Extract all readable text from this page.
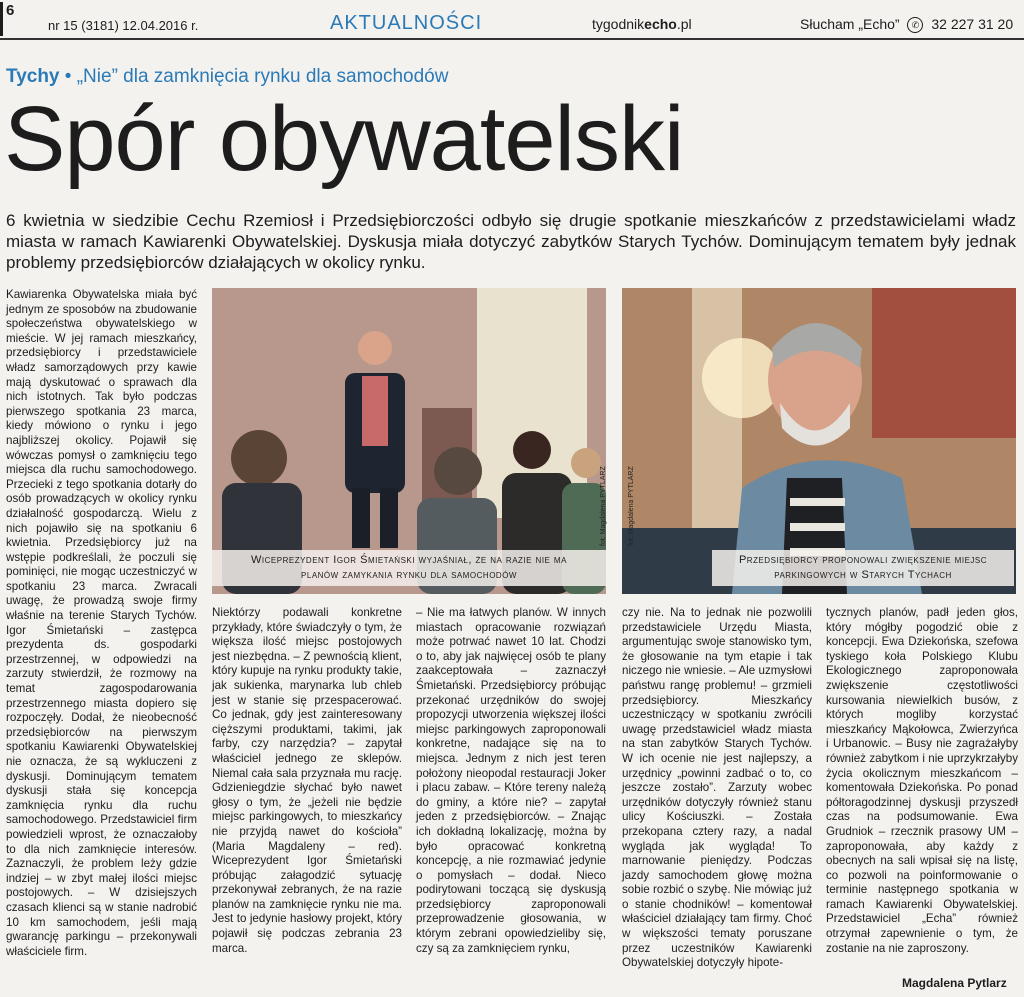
6
nr 15 (3181) 12.04.2016 r.	AKTUALNOŚCI	tygodnikecho.pl	Słucham „Echo” ✆ 32 227 31 20
Tychy • „Nie” dla zamknięcia rynku dla samochodów
Spór obywatelski
6 kwietnia w siedzibie Cechu Rzemiosł i Przedsiębiorczości odbyło się drugie spotkanie mieszkańców z przedstawicielami władz miasta w ramach Kawiarenki Obywatelskiej. Dyskusja miała dotyczyć zabytków Starych Tychów. Dominującym tematem były jednak problemy przedsiębiorców działających w okolicy rynku.
fot. Magdalena PYTLARZ
Wiceprezydent Igor Śmietański wyjaśniał, że na razie nie ma
planów zamykania rynku dla samochodów
fot. Magdalena PYTLARZ
Przedsiębiorcy proponowali zwiększenie miejsc
parkingowych w Starych Tychach

Kawiarenka Obywatelska miała być jednym ze sposobów na zbudowanie społeczeństwa obywatelskiego w mieście. W jej ramach mieszkańcy, przedsiębiorcy i przedstawiciele władz samorządowych przy kawie mają dyskutować o sprawach dla nich istotnych. Tak było podczas pierwszego spotkania 23 marca, kiedy mówiono o rynku i jego najbliższej okolicy. Pojawił się wówczas pomysł o zamknięciu tego miejsca dla ruchu samochodowego. Przecieki z tego spotkania dotarły do osób prowadzących w okolicy rynku działalność gospodarczą. Wielu z nich pojawiło się na spotkaniu 6 kwietnia. Przedsiębiorcy już na wstępie podkreślali, że poczuli się pominięci, nie mogąc uczestniczyć w spotkaniu 23 marca. Zwracali uwagę, że prowadzą swoje firmy właśnie na terenie Starych Tychów. Igor Śmietański – zastępca prezydenta ds. gospodarki przestrzennej, w odpowiedzi na zarzuty stwierdził, że rozmowy na temat zagospodarowania przestrzennego miasta dopiero się rozpoczęły. Dodał, że nieobecność przedsiębiorców na pierwszym spotkaniu Kawiarenki Obywatelskiej nie oznacza, że są wykluczeni z dyskusji. Dominującym tematem dyskusji stała się koncepcja zamknięcia rynku dla ruchu samochodowego. Przedstawiciel firm powiedzieli wprost, że oznaczałoby to dla nich zamknięcie interesów. Zaznaczyli, że problem leży gdzie indziej – w zbyt małej ilości miejsc postojowych. – W dzisiejszych czasach klienci są w stanie nadrobić 10 km samochodem, jeśli mają gwarancję parkingu – przekonywali właściciele firm.

Niektórzy podawali konkretne przykłady, które świadczyły o tym, że większa ilość miejsc postojowych jest niezbędna. – Z pewnością klient, który kupuje na rynku produkty takie, jak sukienka, marynarka lub chleb jest w stanie się przespacerować. Co jednak, gdy jest zainteresowany cięższymi produktami, takimi, jak farby, czy narzędzia? – zapytał właściciel jednego ze sklepów. Niemal cała sala przyznała mu rację. Gdzieniegdzie słychać było nawet głosy o tym, że „jeżeli nie będzie miejsc parkingowych, to mieszkańcy nie przyjdą nawet do kościoła” (Maria Magdaleny – red). Wiceprezydent Igor Śmietański próbując załagodzić sytuację przekonywał zebranych, że na razie planów na zamknięcie rynku nie ma. Jest to jedynie hasłowy projekt, który pojawił się podczas zebrania 23 marca.

– Nie ma łatwych planów. W innych miastach opracowanie rozwiązań może potrwać nawet 10 lat. Chodzi o to, aby jak najwięcej osób te plany zaakceptowała – zaznaczył Śmietański. Przedsiębiorcy próbując przekonać urzędników do swojej propozycji utworzenia większej ilości miejsc parkingowych zaproponowali konkretne, nadające się na to miejsca. Jednym z nich jest teren położony nieopodal restauracji Joker i placu zabaw. – Które tereny należą do gminy, a które nie? – zapytał jeden z przedsiębiorców. – Znając ich dokładną lokalizację, można by było opracować konkretną koncepcję, a nie rozmawiać jedynie o pomysłach – dodał. Nieco podirytowani toczącą się dyskusją przedsiębiorcy zaproponowali przeprowadzenie głosowania, w którym zebrani opowiedzieliby się, czy są za zamknięciem rynku,

czy nie. Na to jednak nie pozwolili przedstawiciele Urzędu Miasta, argumentując swoje stanowisko tym, że głosowanie na tym etapie i tak niczego nie wniesie. – Ale uzmysłowi państwu rangę problemu! – grzmieli przedsiębiorcy. Mieszkańcy uczestniczący w spotkaniu zwrócili uwagę przedstawiciel władz miasta na stan zabytków Starych Tychów. W ich ocenie nie jest najlepszy, a urzędnicy „powinni zadbać o to, co jeszcze zostało”. Zarzuty wobec urzędników dotyczyły również stanu ulicy Kościuszki. – Została przekopana cztery razy, a nadal wygląda jak wygląda! To marnowanie pieniędzy. Podczas jazdy samochodem głowę można sobie rozbić o szybę. Nie mówiąc już o stanie chodników! – komentował właściciel działający tam firmy. Choć w większości tematy poruszane przez uczestników Kawiarenki Obywatelskiej dotyczyły hipote-

tycznych planów, padł jeden głos, który mógłby pogodzić obie z koncepcji. Ewa Dziekońska, szefowa tyskiego koła Polskiego Klubu Ekologicznego zaproponowała zwiększenie częstotliwości kursowania niewielkich busów, z których mogliby korzystać mieszkańcy Mąkołowca, Zwierzyńca i Urbanowic. – Busy nie zagrażałyby również zabytkom i nie uprzykrzałyby życia okolicznym mieszkańcom – komentowała Dziekońska. Po ponad półtoragodzinnej dyskusji przyszedł czas na podsumowanie. Ewa Grudniok – rzecznik prasowy UM – zaproponowała, aby każdy z obecnych na sali wpisał się na listę, co pozwoli na poinformowanie o terminie następnego spotkania w ramach Kawiarenki Obywatelskiej. Przedstawiciel „Echa” również otrzymał zapewnienie o tym, że zostanie na nie zaproszony.

Magdalena Pytlarz
